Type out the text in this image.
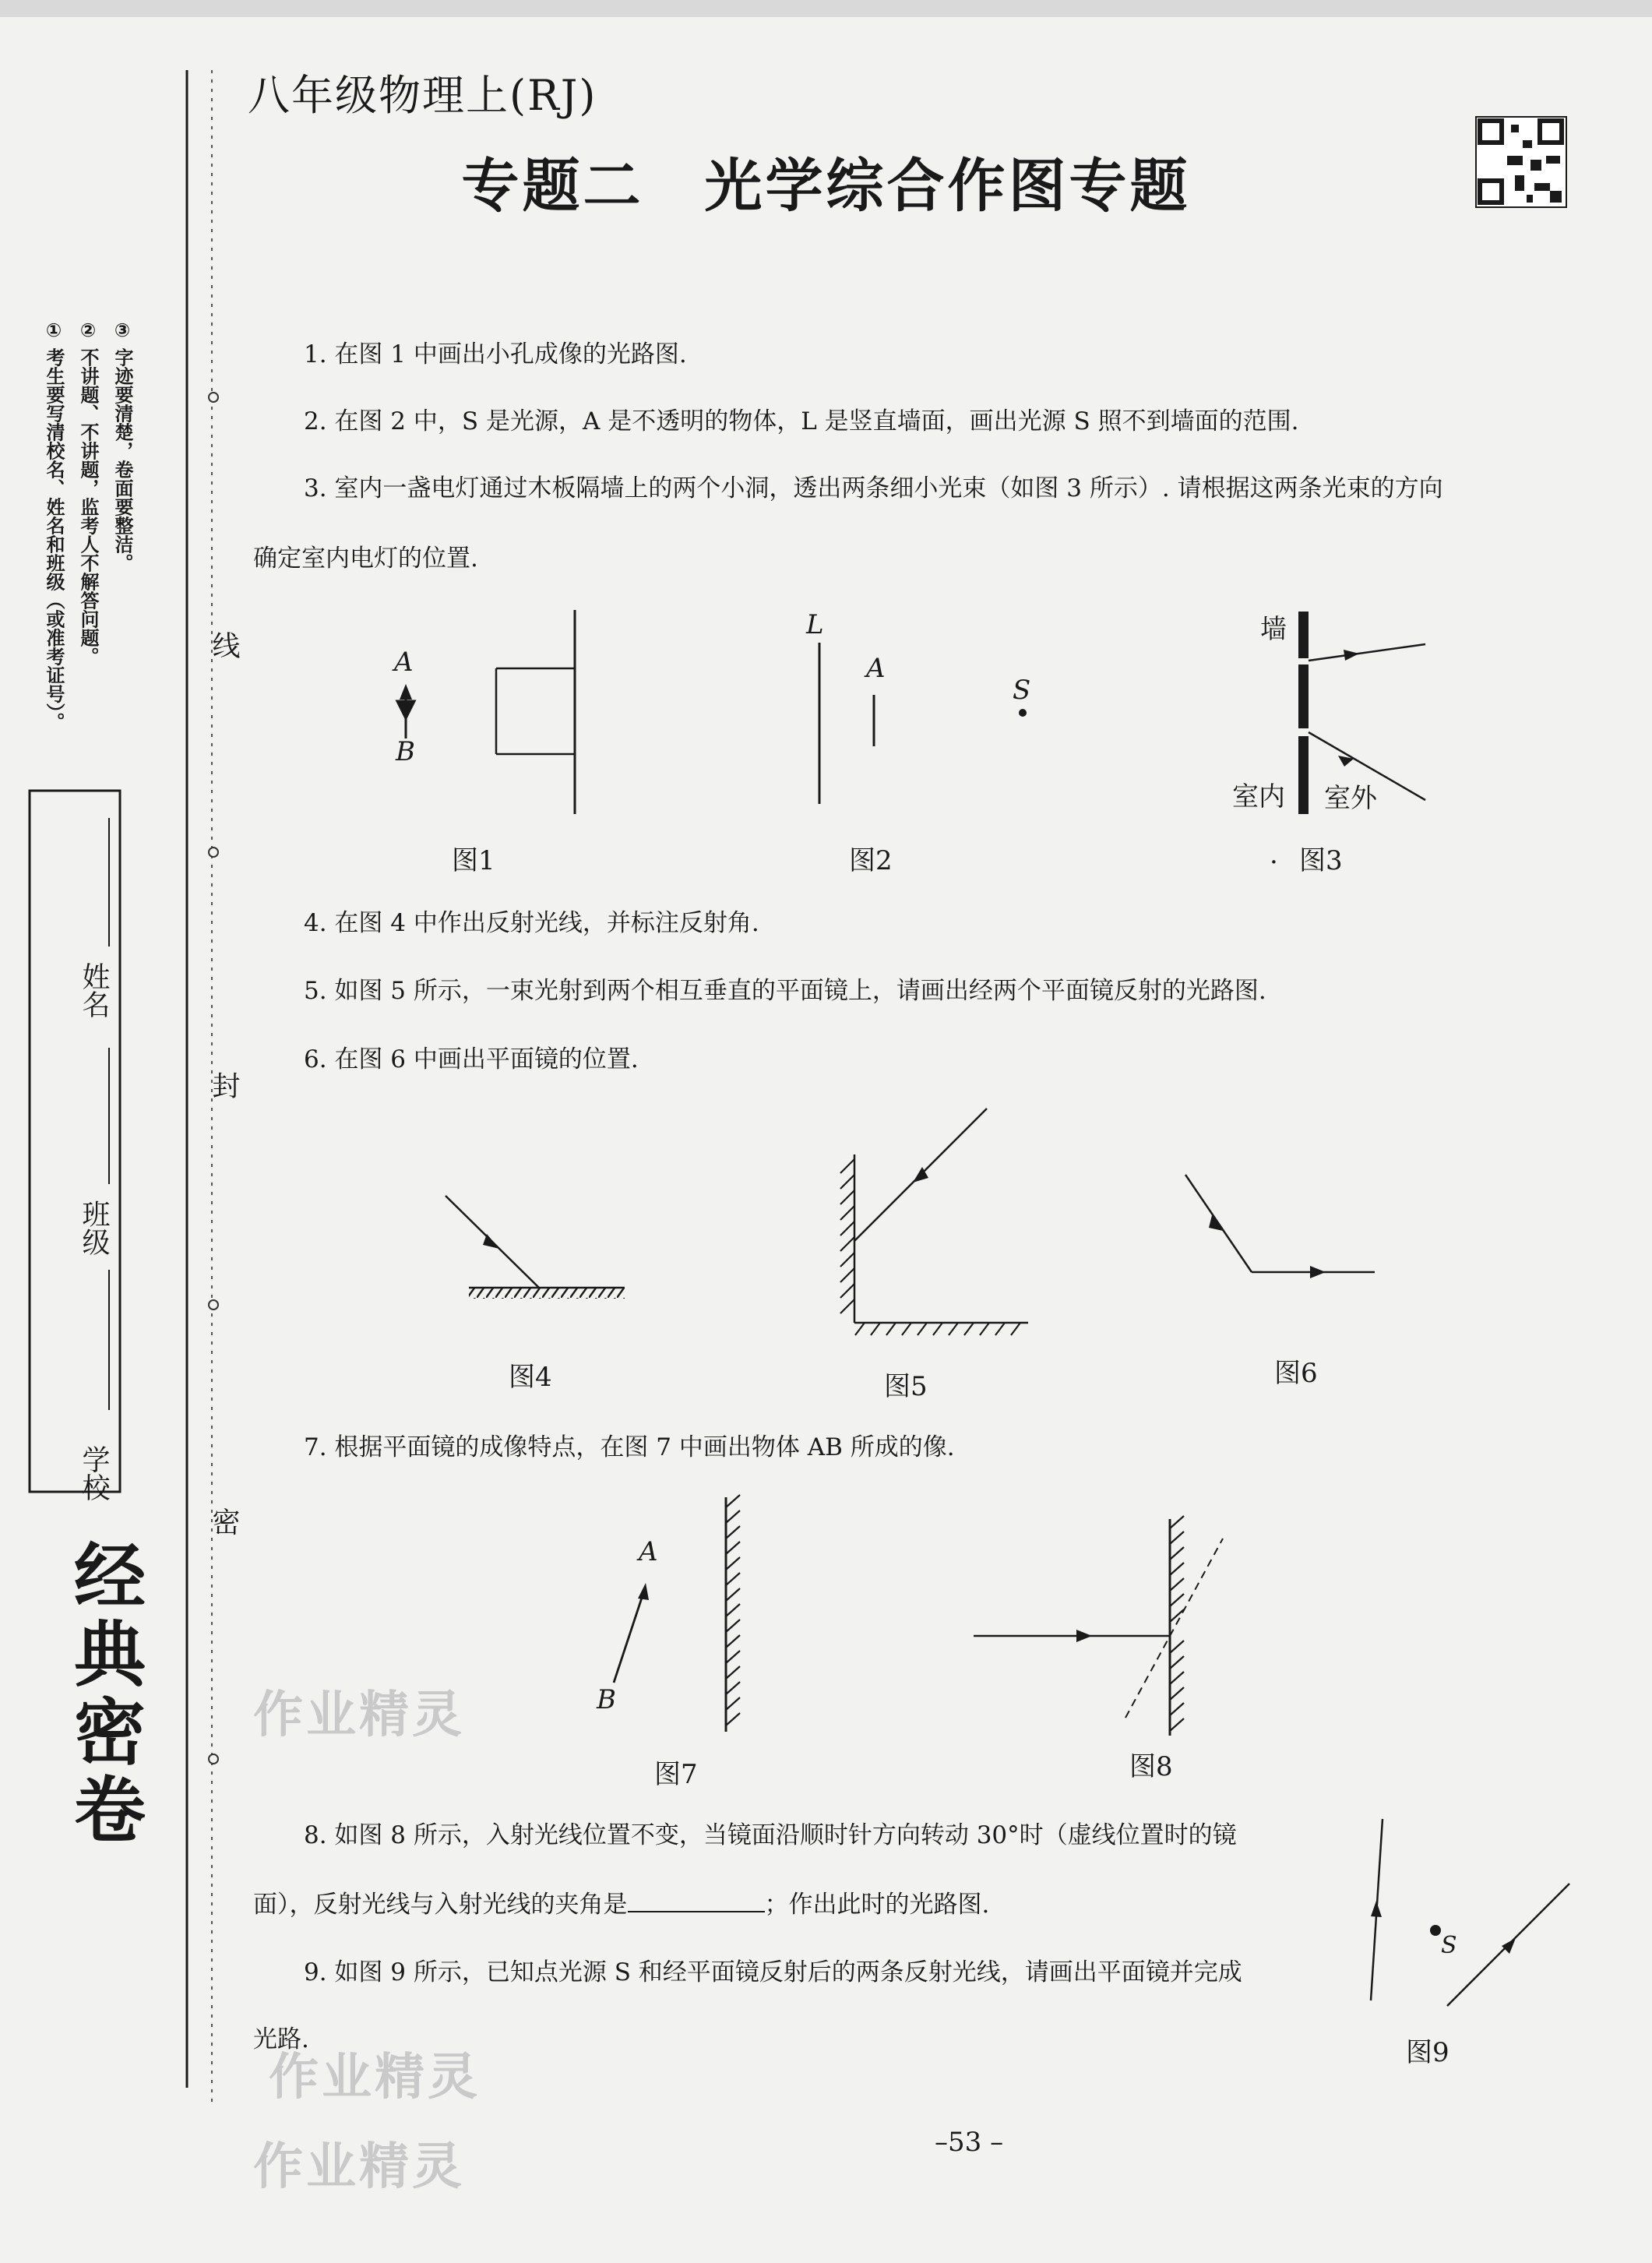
① 考生要写清校名、姓名和班级（或准考证号）。 ② 不讲题、不讲题，监考人不解答问题。 ③ 字迹要清楚，卷面要整洁。
学校
班级
姓名
线
封
密
经典密卷
八年级物理上(RJ)
专题二　光学综合作图专题
1. 在图 1 中画出小孔成像的光路图.
2. 在图 2 中，S 是光源，A 是不透明的物体，L 是竖直墙面，画出光源 S 照不到墙面的范围.
3. 室内一盏电灯通过木板隔墙上的两个小洞，透出两条细小光束（如图 3 所示）. 请根据这两条光束的方向
确定室内电灯的位置.
A
B
图1
L
A
S
图2
墙
室内 室外
. 图3
4. 在图 4 中作出反射光线，并标注反射角.
5. 如图 5 所示，一束光射到两个相互垂直的平面镜上，请画出经两个平面镜反射的光路图.
6. 在图 6 中画出平面镜的位置.
图4	图5	图6
7. 根据平面镜的成像特点，在图 7 中画出物体 AB 所成的像.
A
B
图7	图8
8. 如图 8 所示，入射光线位置不变，当镜面沿顺时针方向转动 30°时（虚线位置时的镜
面），反射光线与入射光线的夹角是	；作出此时的光路图.
9. 如图 9 所示，已知点光源 S 和经平面镜反射后的两条反射光线，请画出平面镜并完成
光路.
S
图9
作业精灵
作业精灵
作业精灵	–53 –
